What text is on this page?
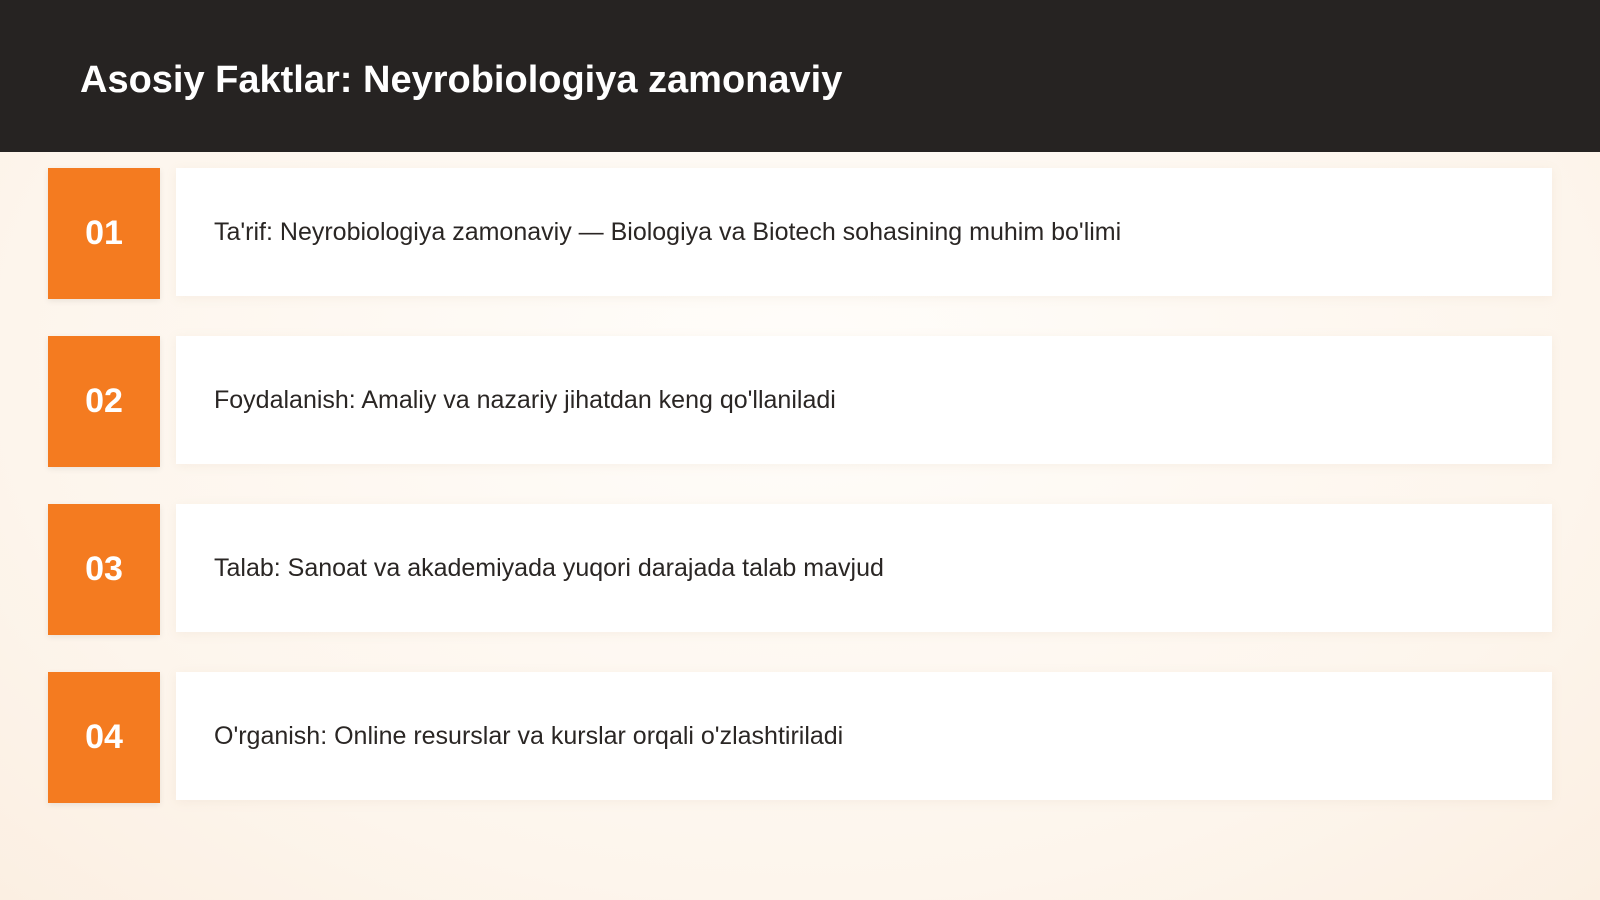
Asosiy Faktlar: Neyrobiologiya zamonaviy
01	Ta'rif: Neyrobiologiya zamonaviy — Biologiya va Biotech sohasining muhim bo'limi
02	Foydalanish: Amaliy va nazariy jihatdan keng qo'llaniladi
03	Talab: Sanoat va akademiyada yuqori darajada talab mavjud
04	O'rganish: Online resurslar va kurslar orqali o'zlashtiriladi
